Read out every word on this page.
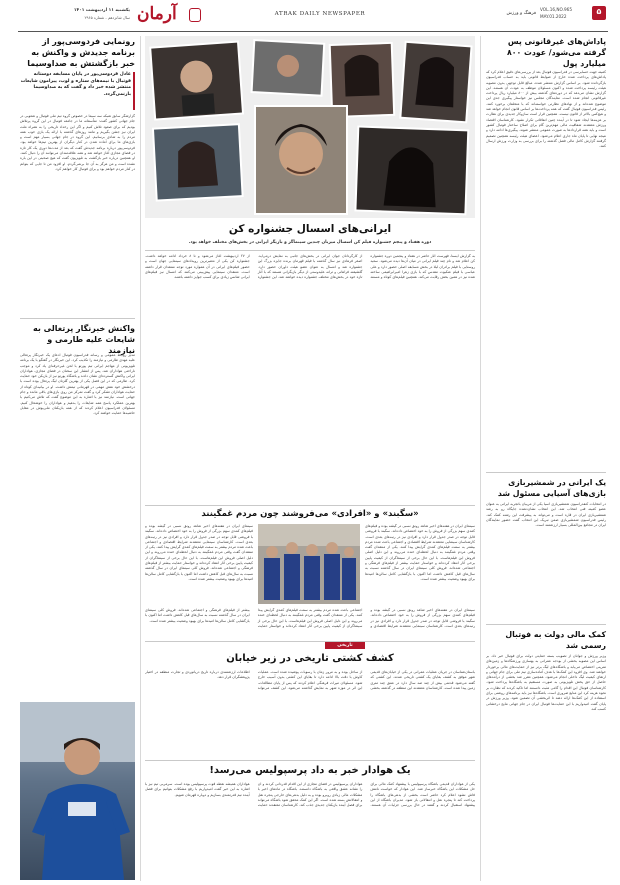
یکشنبه ۱۱ اردیبهشت ۱۴۰۱
سال شانزدهم - شماره ۲۹۶۵ آرمان	ATRAK DAILY NEWSPAPER
VOL.16,NO.965
MAY.01.2022
فرهنگ و ورزش	۵
رونمایی فردوسی‌پور از برنامه جدیدش و واکنش به خبر بازگشتش به صداوسیما
عادل فردوسی‌پور در پایان مسابقه دوستانه فوتبال با نیمه‌های ستاره و لوب، پیرامون شایعات منتشر شده خبر داد و گفت که به صداوسیما بازنمی‌گردد.
گزارشگر سابق شبکه سه سیما در خصوص گروه تیم ملی فوتبال و شعوبی در جام جهانی کشور گفت: متأسفانه ما در جامعه فوتبال در این گروه پرتلاش بودیم که برای صعود تلاش کنیم و اگر این رخداد تاریخی را به همراه ملت ایران نیز جشن بگیریم و مانند روزهای گذشته با ارائه یک بازی خوب همه مردم را به شادی برسانیم. این گروه در جام جهانی بسیار مهم است و بازی‌های ما برای آماده شدن در کنار دیگران از بهترین تیم‌ها خواهد بود. فردوسی‌پور درباره برنامه جدیدش گفت که بعد از مدت‌ها دوری یک کار تازه در فضای مجازی آغاز خواهد شد و همه علاقه‌مندان می‌توانند آن را دنبال کنند. او همچنین درباره خبر بازگشت به تلویزیون گفت که هیچ صحبتی در این باره نشده است و من هرگز به آن جا برنمی‌گردم. او افزود من تا جایی که بتوانم در کنار مردم خواهم بود و برای فوتبال کار خواهم کرد.
واکنش خبرنگار پرتغالی به شایعات علیه طارمی و نیازمند
مدیر روابط عمومی و رسانه فدراسیون فوتبال ادعای یک خبرنگار پرتغالی علیه مهدی طارمی و نیازمند را تکذیب کرد. این خبرنگار در گفتگو با یک برنامه تلویزیونی از مهاجم ایرانی تیم پورتو با لحن غیرحرفه‌ای یاد کرد و موجب ناراحتی هواداران شد. پس از انتشار این سخنان در فضای مجازی، هواداران ایرانی واکنش گسترده‌ای نشان دادند و باشگاه پورتو نیز از بازیکن خود حمایت کرد. طارمی که در این فصل یکی از بهترین گلزنان لیگ پرتغال بوده است با درخشش خود نقش مهمی در قهرمانی تیمش داشت. او در بیانیه‌ای کوتاه از حمایت هواداران تشکر کرد و گفت تمرکز من روی بازی‌های باقی مانده و جام جهانی است. نیازمند نیز با اشاره به این موضوع گفت که تلاش می‌کنیم با بهترین عملکرد پاسخ همه شایعات را بدهیم و هواداران را خوشحال کنیم. مسئولان فدراسیون اعلام کردند که از همه بازیکنان ملی‌پوش در مقابل حاشیه‌ها حمایت خواهند کرد.
ایرانی‌های اسسال جشنواره کن
دوره هفتاد و پنجم جشنواره فیلم کن اسسال میزبان چندین سینماگر و بازیگر ایرانی در بخش‌های مختلف خواهد بود.
به گزارش ایسنا، فهرست آثار حاضر در هفتاد و پنجمین دوره جشنواره کن اعلام شد و نام چند فیلم ایرانی در میان آن‌ها دیده می‌شود. سعید روستایی با فیلم برادران لیلا در بخش مسابقه اصلی حضور دارد و علی عباسی با فیلم عنکبوت مقدس که با بازی زهرا امیرابراهیمی ساخته شده نیز در همین بخش رقابت می‌کند. همچنین فیلم‌های کوتاه و مستند از کارگردانان جوان ایرانی در بخش‌های جانبی به نمایش درمی‌آید. اصغر فرهادی نیز سال گذشته با فیلم قهرمان برنده جایزه بزرگ این جشنواره شد و امسال به عنوان عضو هیئت داوران حضور دارد. گلشیفته فراهانی و ترانه علیدوستی از دیگر بازیگرانی هستند که با آثار تازه خود در بخش‌های مختلف جشنواره دیده خواهند شد. این جشنواره از ۲۷ اردیبهشت آغاز می‌شود و تا ۸ خرداد ادامه خواهد داشت. جشنواره کن یکی از معتبرترین رویدادهای سینمایی جهان است و حضور فیلم‌های ایرانی در آن همواره مورد توجه منتقدان قرار داشته است. منتقدان سینمایی پیش‌بینی می‌کنند که امسال نیز فیلم‌های ایرانی شانس زیادی برای کسب جوایز داشته باشند.
«سگبند» و «افرادی» می‌فروشند چون مردم غمگینند
سینمای ایران در هفته‌های اخیر شاهد رونق نسبی در گیشه بوده و فیلم‌های کمدی سهم بزرگی از فروش را به خود اختصاص داده‌اند. سگبند با فروشی قابل توجه در صدر جدول قرار دارد و افرادی نیز در رتبه‌های بعدی است. کارشناسان سینمایی معتقدند شرایط اقتصادی و اجتماعی باعث شده مردم بیشتر به سمت فیلم‌های کمدی گرایش پیدا کنند. یکی از منتقدان گفت وقتی مردم غمگینند به دنبال لحظه‌ای خنده می‌روند و این دلیل اصلی فروش این فیلم‌هاست. با این حال برخی از سینماگران از کیفیت پایین برخی آثار انتقاد کرده‌اند و خواستار حمایت بیشتر از فیلم‌های فرهنگی و اجتماعی شده‌اند. فروش کلی سینمای ایران در سال گذشته نسبت به سال‌های قبل کاهش داشت اما اکنون با بازگشایی کامل سالن‌ها امیدها برای بهبود وضعیت بیشتر شده است.
سینمای ایران در هفته‌های اخیر شاهد رونق نسبی در گیشه بوده و فیلم‌های کمدی سهم بزرگی از فروش را به خود اختصاص داده‌اند. سگبند با فروشی قابل توجه در صدر جدول قرار دارد و افرادی نیز در رتبه‌های بعدی است. کارشناسان سینمایی معتقدند شرایط اقتصادی و اجتماعی باعث شده مردم بیشتر به سمت فیلم‌های کمدی گرایش پیدا کنند. یکی از منتقدان گفت وقتی مردم غمگینند به دنبال لحظه‌ای خنده می‌روند و این دلیل اصلی فروش این فیلم‌هاست. با این حال برخی از سینماگران از کیفیت پایین برخی آثار انتقاد کرده‌اند و خواستار حمایت بیشتر از فیلم‌های فرهنگی و اجتماعی شده‌اند. فروش کلی سینمای ایران در سال گذشته نسبت به سال‌های قبل کاهش داشت اما اکنون با بازگشایی کامل سالن‌ها امیدها برای بهبود وضعیت بیشتر شده است.
سینمای ایران در هفته‌های اخیر شاهد رونق نسبی در گیشه بوده و فیلم‌های کمدی سهم بزرگی از فروش را به خود اختصاص داده‌اند. سگبند با فروشی قابل توجه در صدر جدول قرار دارد و افرادی نیز در رتبه‌های بعدی است. کارشناسان سینمایی معتقدند شرایط اقتصادی و اجتماعی باعث شده مردم بیشتر به سمت فیلم‌های کمدی گرایش پیدا کنند. یکی از منتقدان گفت وقتی مردم غمگینند به دنبال لحظه‌ای خنده می‌روند و این دلیل اصلی فروش این فیلم‌هاست. با این حال برخی از سینماگران از کیفیت پایین برخی آثار انتقاد کرده‌اند و خواستار حمایت بیشتر از فیلم‌های فرهنگی و اجتماعی شده‌اند. فروش کلی سینمای ایران در سال گذشته نسبت به سال‌های قبل کاهش داشت اما اکنون با بازگشایی کامل سالن‌ها امیدها برای بهبود وضعیت بیشتر شده است.
تاریخی
کشف کشتی تاریخی در زیر خیابان
باستان‌شناسان در جریان عملیات عمرانی در یکی از خیابان‌های قدیمی شهر موفق به کشف بقایای یک کشتی تاریخی شدند. این کشتی که گفته می‌شود قدمتی بیش از چند صد سال دارد در عمق چند متری زمین پیدا شده است. کارشناسان معتقدند این منطقه در گذشته بخشی از ساحل بوده و به مرور زمان با رسوبات پوشیده شده است. عملیات کاوش با دقت بالا ادامه دارد تا بقایای این کشتی بدون آسیب خارج شود. مسئولان میراث فرهنگی اعلام کردند که پس از پایان مطالعات، این اثر در موزه شهر به نمایش گذاشته می‌شود. این کشف می‌تواند اطلاعات ارزشمندی درباره تاریخ دریانوردی و تجارت منطقه در اختیار پژوهشگران قرار دهد.
یک هوادار خبر به داد پرسپولیس می‌رسد!
یکی از هواداران قدیمی باشگاه پرسپولیس با پیشنهاد کمک مالی برای حل مشکلات این باشگاه خبرساز شد. این هوادار که خواست نامش فاش نشود اعلام کرد حاضر است بخشی از بدهی‌های باشگاه را پرداخت کند تا پنجره نقل و انتقالاتی باز شود. مدیران باشگاه از این پیشنهاد استقبال کردند و گفتند در حال بررسی جزئیات آن هستند. هواداران پرسپولیس در فضای مجازی از این اقدام قدردانی کردند و آن را نشانه عشق واقعی به باشگاه دانستند. باشگاه در ماه‌های اخیر با مشکلات مالی زیادی روبرو بوده و به دلیل بدهی‌های خارجی پنجره نقل و انتقالاتش بسته شده است. اگر این کمک محقق شود باشگاه می‌تواند برای فصل آینده بازیکنان جدیدی جذب کند. کارشناسان معتقدند حمایت هواداران همیشه نقطه قوت پرسپولیس بوده است. سرمربی تیم نیز با اشاره به این خبر گفت امیدواریم با رفع مشکلات بتوانیم برای فصل آینده تیم قدرتمندی بسازیم و دوباره قهرمان شویم.
پاداش‌های غیرقانونی پس گرفته می‌شود/ عودت ۸۰۰ میلیارد پول
کمیته جهت حسابرسی در فدراسیون فوتبال بعد از بررسی‌های دقیق اعلام کرد که پاداش‌های پرداخت شده خارج از ضوابط قانونی باید به حساب فدراسیون بازگردانده شود. بر اساس گزارش منتشر شده، مبالغ قابل توجهی بدون مصوبه هیئت رئیسه پرداخت شده و اکنون مسئولان موظف به عودت آن هستند. این گزارش نشان می‌دهد که در دوره‌های گذشته بیش از ۸۰۰ میلیارد ریال پرداخت غیرقانونی انجام شده است. نمایندگان مجلس نیز خواستار پیگیری جدی این موضوع شده‌اند و از نهادهای نظارتی خواسته‌اند که با متخلفان برخورد کنند. رئیس فدراسیون فوتبال گفت که همه پرداخت‌ها بر اساس قانون انجام خواهد شد و هیچ‌کس بالاتر از قانون نیست. همچنین قرار است سازوکار جدیدی برای نظارت بر هزینه‌ها ایجاد شود تا در آینده چنین اتفاقاتی تکرار نشود. کارشناسان اقتصاد ورزش معتقدند شفافیت مالی مهم‌ترین گام برای اصلاح ساختار فوتبال کشور است و باید همه قراردادها به صورت عمومی منتشر شوند. پیگیری‌ها ادامه دارد و نتیجه نهایی تا پایان ماه جاری اعلام می‌شود. اعضای هیئت رئیسه همچنین تصمیم گرفتند گزارش کامل مالی فصل گذشته را برای بررسی به وزارت ورزش ارسال کنند.
یک ایرانی در شمشیربازی بازی‌های آسیایی مسئول شد
در انتخابات کنفدراسیون شمشیربازی آسیا یکی از مربیان باتجربه ایرانی به عنوان عضو کمیته فنی انتخاب شد. این انتخاب نشان‌دهنده جایگاه رو به رشد شمشیربازی ایران در قاره است و می‌تواند به پیشرفت این رشته کمک کند. رئیس فدراسیون شمشیربازی ضمن تبریک این انتخاب گفت حضور نمایندگان ایران در مجامع بین‌المللی بسیار ارزشمند است.
کمک مالی دولت به فوتبال رسمی شد
وزیر ورزش و جوانان از تصویب بسته حمایتی دولت برای فوتبال خبر داد. بر اساس این مصوبه بخشی از بودجه عمرانی به بهسازی ورزشگاه‌ها و زمین‌های تمرینی اختصاص می‌یابد و باشگاه‌های لیگ برتر نیز از حمایت‌های مالی برخوردار خواهند شد. وی افزود این کمک‌ها با هدف آماده‌سازی تیم ملی برای جام جهانی و ارتقای کیفیت لیگ داخلی انجام می‌شود. همچنین مقرر شد بخشی از درآمدهای حاصل از حق پخش تلویزیونی به صورت مستقیم به باشگاه‌ها پرداخت شود. کارشناسان فوتبال این اقدام را گامی مثبت دانستند اما تاکید کردند که نظارت بر نحوه هزینه کرد این منابع ضروری است. باشگاه‌ها نیز باید برنامه‌های روشنی برای استفاده از این کمک‌ها ارائه دهند تا اثربخشی آن تضمین شود. وزیر ورزش در پایان گفت امیدواریم با این حمایت‌ها فوتبال ایران در جام جهانی نتایج درخشانی کسب کند.
